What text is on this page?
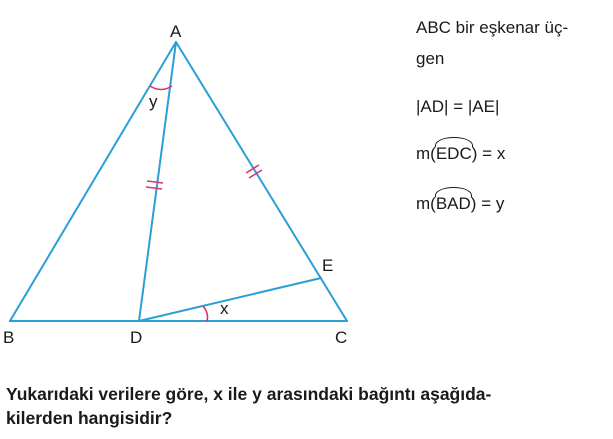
A
B	C
D
E
y
x
ABC bir eşkenar üç-
gen
|AD| = |AE|
m(EDC) = x
m(BAD) = y
Yukarıdaki verilere göre, x ile y arasındaki bağıntı aşağıda-
kilerden hangisidir?
